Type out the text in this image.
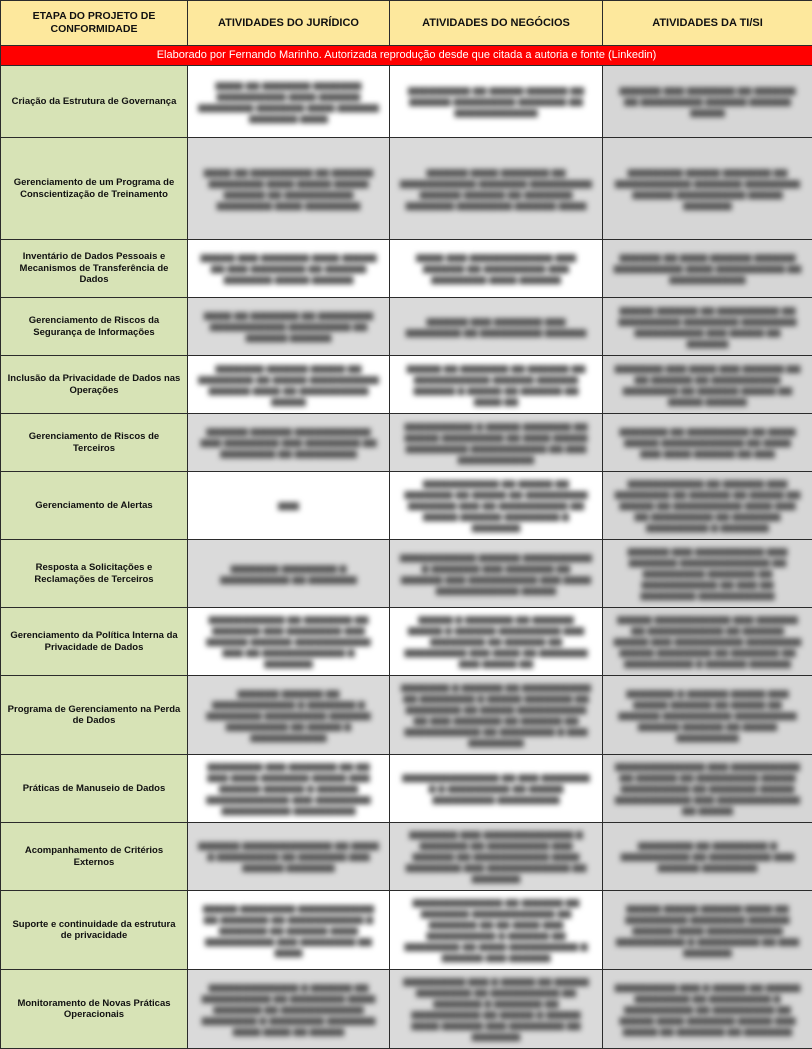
ETAPA DO PROJETO DE CONFORMIDADE	ATIVIDADES DO JURÍDICO	ATIVIDADES DO NEGÓCIOS	ATIVIDADES DA TI/SI
Elaborado por Fernando Marinho. Autorizada reprodução desde que citada a autoria e fonte (Linkedin)			
Criação da Estrutura de Governança	▆▆▆▆ ▆▆ ▆▆▆▆▆▆▆ ▆▆▆▆▆▆▆ ▆▆▆▆▆▆▆▆▆▆ ▆▆▆▆ ▆▆▆▆▆▆ ▆▆▆▆▆▆▆▆ ▆▆▆▆▆▆▆ ▆▆▆▆ ▆▆▆▆▆▆ ▆▆▆▆▆▆▆ ▆▆▆▆	▆▆▆▆▆▆▆▆▆ ▆▆ ▆▆▆▆▆ ▆▆▆▆▆▆ ▆▆ ▆▆▆▆▆▆ ▆▆▆▆▆▆▆▆▆ ▆▆▆▆▆▆▆ ▆▆ ▆▆▆▆▆▆▆▆▆▆▆▆	▆▆▆▆▆▆ ▆▆▆ ▆▆▆▆▆▆▆ ▆▆ ▆▆▆▆▆▆ ▆▆ ▆▆▆▆▆▆▆▆▆ ▆▆▆▆▆▆ ▆▆▆▆▆▆ ▆▆▆▆▆

Gerenciamento de um Programa de Conscientização de Treinamento	▆▆▆▆ ▆▆ ▆▆▆▆▆▆▆▆▆ ▆▆ ▆▆▆▆▆▆ ▆▆▆▆▆▆▆▆ ▆▆▆▆ ▆▆▆▆▆ ▆▆▆▆▆ ▆▆▆▆▆▆ ▆▆ ▆▆▆▆▆▆▆▆▆▆ ▆▆▆▆▆▆▆▆ ▆▆▆▆ ▆▆▆▆▆▆▆▆	▆▆▆▆▆▆ ▆▆▆▆ ▆▆▆▆▆▆▆ ▆▆ ▆▆▆▆▆▆▆▆▆▆▆ ▆▆▆▆▆▆▆ ▆▆▆▆▆▆▆▆▆ ▆▆▆▆▆▆ ▆▆▆▆▆▆ ▆▆ ▆▆▆▆▆▆▆ ▆▆▆▆▆▆▆ ▆▆▆▆▆▆▆▆ ▆▆▆▆▆▆ ▆▆▆▆	▆▆▆▆▆▆▆▆ ▆▆▆▆▆ ▆▆▆▆▆▆▆ ▆▆ ▆▆▆▆▆▆▆▆▆▆▆ ▆▆▆▆▆▆▆ ▆▆▆▆▆▆▆▆ ▆▆▆▆▆▆ ▆▆▆▆▆▆▆▆▆▆ ▆▆▆▆▆ ▆▆▆▆▆▆▆

Inventário de Dados Pessoais e Mecanismos de Transferência de Dados	▆▆▆▆▆ ▆▆▆ ▆▆▆▆▆▆▆ ▆▆▆▆ ▆▆▆▆▆ ▆▆ ▆▆▆ ▆▆▆▆▆▆▆▆ ▆▆ ▆▆▆▆▆▆ ▆▆▆▆▆▆▆ ▆▆▆▆▆ ▆▆▆▆▆▆	▆▆▆▆ ▆▆▆ ▆▆▆▆▆▆▆▆▆▆▆▆ ▆▆▆ ▆▆▆▆▆▆ ▆▆ ▆▆▆▆▆▆▆▆▆ ▆▆▆ ▆▆▆▆▆▆▆▆ ▆▆▆▆ ▆▆▆▆▆▆	▆▆▆▆▆▆ ▆▆ ▆▆▆▆ ▆▆▆▆▆▆ ▆▆▆▆▆▆ ▆▆▆▆▆▆▆▆▆▆ ▆▆▆▆ ▆▆▆▆▆▆▆▆▆▆ ▆▆ ▆▆▆▆▆▆▆▆▆▆▆

Gerenciamento de Riscos da Segurança de Informações	▆▆▆▆ ▆▆ ▆▆▆▆▆▆▆ ▆▆ ▆▆▆▆▆▆▆▆ ▆▆▆▆▆▆▆▆▆▆▆ ▆▆▆▆▆▆▆▆▆ ▆▆ ▆▆▆▆▆▆ ▆▆▆▆▆▆	▆▆▆▆▆▆ ▆▆▆ ▆▆▆▆▆▆▆ ▆▆▆ ▆▆▆▆▆▆▆▆ ▆▆ ▆▆▆▆▆▆▆▆▆ ▆▆▆▆▆▆	▆▆▆▆▆ ▆▆▆▆▆▆ ▆▆ ▆▆▆▆▆▆▆▆▆ ▆▆ ▆▆▆▆▆▆▆▆▆ ▆▆▆▆▆▆▆▆ ▆▆▆▆▆▆▆▆ ▆▆▆▆▆▆▆▆▆▆ ▆▆▆ ▆▆▆▆▆ ▆▆ ▆▆▆▆▆▆

Inclusão da Privacidade de Dados nas Operações	▆▆▆▆▆▆▆ ▆▆▆▆▆▆ ▆▆▆▆▆ ▆▆ ▆▆▆▆▆▆▆▆ ▆▆ ▆▆▆▆▆ ▆▆▆▆▆▆▆▆▆▆ ▆▆▆▆▆▆ ▆▆▆▆ ▆▆ ▆▆▆▆▆▆▆▆▆▆ ▆▆▆▆▆	▆▆▆▆▆ ▆▆ ▆▆▆▆▆▆▆ ▆▆ ▆▆▆▆▆▆ ▆▆ ▆▆▆▆▆▆▆▆▆▆▆ ▆▆▆▆▆▆ ▆▆▆▆▆▆ ▆▆▆▆▆▆ ▆ ▆▆▆▆▆ ▆▆ ▆▆▆▆▆▆ ▆▆ ▆▆▆▆ ▆▆	▆▆▆▆▆▆▆ ▆▆▆ ▆▆▆▆ ▆▆▆ ▆▆▆▆▆▆ ▆▆ ▆▆ ▆▆▆▆▆▆ ▆▆ ▆▆▆▆▆▆▆▆▆▆ ▆▆▆▆▆▆▆▆ ▆▆ ▆▆▆▆▆▆ ▆▆▆▆▆ ▆▆ ▆▆▆▆▆ ▆▆▆▆▆▆

Gerenciamento de Riscos de Terceiros	▆▆▆▆▆▆ ▆▆▆▆▆▆ ▆▆▆▆▆▆▆▆▆▆▆ ▆▆▆ ▆▆▆▆▆▆▆▆ ▆▆▆ ▆▆▆▆▆▆▆▆ ▆▆ ▆▆▆▆▆▆▆▆ ▆▆ ▆▆▆▆▆▆▆▆▆	▆▆▆▆▆▆▆▆▆▆ ▆ ▆▆▆▆▆ ▆▆▆▆▆▆▆ ▆▆ ▆▆▆▆▆ ▆▆▆▆▆▆▆▆▆ ▆▆ ▆▆▆▆ ▆▆▆▆▆ ▆▆▆▆▆▆▆▆▆ ▆▆▆▆▆▆▆▆▆▆▆ ▆▆ ▆▆▆ ▆▆▆▆▆▆▆▆▆▆▆	▆▆▆▆▆▆▆ ▆▆ ▆▆▆▆▆▆▆▆▆ ▆▆ ▆▆▆▆ ▆▆▆▆▆ ▆▆▆▆▆▆▆▆▆▆▆▆ ▆▆ ▆▆▆▆ ▆▆▆ ▆▆▆▆ ▆▆▆▆▆▆ ▆▆ ▆▆▆

Gerenciamento de Alertas	▆▆▆	▆▆▆▆▆▆▆▆▆▆▆ ▆▆ ▆▆▆▆▆ ▆▆ ▆▆▆▆▆▆▆ ▆▆ ▆▆▆▆▆ ▆▆ ▆▆▆▆▆▆▆▆▆ ▆▆▆▆▆▆▆ ▆▆▆ ▆▆ ▆▆▆▆▆▆▆▆▆▆ ▆▆ ▆▆▆▆▆ ▆▆▆▆▆▆ ▆▆▆▆▆▆▆▆ ▆ ▆▆▆▆▆▆▆	▆▆▆▆▆▆▆▆▆▆▆ ▆▆ ▆▆▆▆▆▆ ▆▆▆ ▆▆▆▆▆▆▆▆ ▆▆ ▆▆▆▆▆▆ ▆▆ ▆▆▆▆▆ ▆▆ ▆▆▆▆▆ ▆▆ ▆▆▆▆▆▆▆▆▆▆ ▆▆▆▆ ▆▆▆ ▆▆ ▆▆▆▆▆▆▆▆▆ ▆▆ ▆▆▆▆▆▆▆ ▆▆▆▆▆▆▆▆▆ ▆ ▆▆▆▆▆▆▆

Resposta a Solicitações e Reclamações de Terceiros	▆▆▆▆▆▆▆ ▆▆▆▆▆▆▆▆ ▆ ▆▆▆▆▆▆▆▆▆▆ ▆▆ ▆▆▆▆▆▆▆	▆▆▆▆▆▆▆▆▆▆▆ ▆▆▆▆▆▆ ▆▆▆▆▆▆▆▆▆▆ ▆ ▆▆▆▆▆▆▆ ▆▆▆ ▆▆▆▆▆▆▆ ▆▆ ▆▆▆▆▆▆ ▆▆▆ ▆▆▆▆▆▆▆▆▆▆ ▆▆▆ ▆▆▆▆ ▆▆▆▆▆▆▆▆▆▆▆▆ ▆▆▆▆▆	▆▆▆▆▆▆ ▆▆▆ ▆▆▆▆▆▆▆▆▆▆ ▆▆▆ ▆▆▆▆▆▆▆ ▆▆▆▆▆▆▆▆▆▆▆▆▆ ▆▆ ▆▆▆▆▆▆▆▆▆ ▆▆▆▆▆▆▆ ▆▆ ▆▆▆▆▆▆▆▆▆▆▆ ▆▆ ▆▆▆ ▆▆ ▆▆▆▆▆▆▆▆ ▆▆▆▆▆▆▆▆▆▆▆

Gerenciamento da Política Interna da Privacidade de Dados	▆▆▆▆▆▆▆▆▆▆▆ ▆▆ ▆▆▆▆▆▆▆ ▆▆ ▆▆▆▆▆▆▆ ▆▆▆ ▆▆▆▆▆▆▆▆ ▆▆▆ ▆▆▆▆▆▆ ▆▆▆▆▆▆ ▆▆▆▆▆▆▆▆▆▆▆ ▆▆▆ ▆▆ ▆▆▆▆▆▆▆▆▆▆▆▆ ▆ ▆▆▆▆▆▆▆	▆▆▆▆▆ ▆ ▆▆▆▆▆▆▆ ▆▆ ▆▆▆▆▆▆ ▆▆▆▆▆ ▆ ▆▆▆▆▆▆ ▆▆▆▆▆▆▆▆▆ ▆▆▆ ▆▆▆▆▆▆▆▆ ▆▆ ▆▆▆▆▆▆ ▆▆ ▆▆▆▆▆▆▆▆▆ ▆▆▆ ▆▆▆▆ ▆▆ ▆▆▆▆▆▆▆ ▆▆▆ ▆▆▆▆▆ ▆▆	▆▆▆▆▆ ▆▆▆▆▆▆▆▆▆▆▆ ▆▆▆ ▆▆▆▆▆▆ ▆▆ ▆▆▆▆▆▆▆▆▆▆▆ ▆▆ ▆▆▆▆▆▆ ▆▆▆▆▆ ▆▆▆ ▆▆▆▆▆▆▆▆▆▆ ▆▆▆▆▆▆▆▆ ▆▆▆▆▆ ▆▆▆▆▆▆▆▆ ▆▆ ▆▆▆▆▆▆▆ ▆▆ ▆▆▆▆▆▆▆▆▆▆ ▆ ▆▆▆▆▆▆ ▆▆▆▆▆▆

Programa de Gerenciamento na Perda de Dados	▆▆▆▆▆▆ ▆▆▆▆▆▆ ▆▆ ▆▆▆▆▆▆▆▆▆▆▆▆ ▆ ▆▆▆▆▆▆▆ ▆ ▆▆▆▆▆▆▆▆ ▆▆▆▆▆▆▆▆▆ ▆▆▆▆▆▆ ▆▆▆▆▆▆▆▆▆ ▆▆ ▆▆▆▆▆ ▆ ▆▆▆▆▆▆▆▆▆▆▆	▆▆▆▆▆▆▆ ▆ ▆▆▆▆▆▆ ▆▆ ▆▆▆▆▆▆▆▆▆▆ ▆▆ ▆▆▆▆▆▆▆▆ ▆ ▆▆▆▆▆ ▆▆▆▆▆▆▆ ▆▆ ▆▆▆▆▆▆▆▆ ▆▆ ▆▆▆▆▆ ▆▆▆▆▆▆▆▆▆▆ ▆▆ ▆▆▆ ▆▆▆▆▆▆▆ ▆▆ ▆▆▆▆▆▆ ▆▆ ▆▆▆▆▆▆▆▆▆▆▆ ▆▆ ▆▆▆▆▆▆▆▆ ▆ ▆▆▆ ▆▆▆▆▆▆▆▆	▆▆▆▆▆▆▆ ▆ ▆▆▆▆▆▆ ▆▆▆▆▆ ▆▆▆ ▆▆▆▆▆ ▆▆▆▆▆▆ ▆▆ ▆▆▆▆▆ ▆▆ ▆▆▆▆▆▆ ▆▆▆▆▆▆▆▆▆▆ ▆▆▆▆▆▆▆▆▆ ▆▆▆▆▆▆ ▆▆▆▆▆▆ ▆▆ ▆▆▆▆▆ ▆▆▆▆▆▆▆▆▆

Práticas de Manuseio de Dados	▆▆▆▆▆▆▆▆ ▆▆▆ ▆▆▆▆▆▆▆ ▆▆ ▆▆ ▆▆▆ ▆▆▆▆ ▆▆▆▆▆▆▆ ▆▆▆▆▆ ▆▆▆ ▆▆▆▆▆▆ ▆▆▆▆▆▆ ▆ ▆▆▆▆▆▆ ▆▆▆▆▆▆▆▆▆▆▆▆ ▆▆▆ ▆▆▆▆▆▆▆▆ ▆▆▆▆▆▆▆▆▆▆ ▆▆▆▆▆▆▆▆▆	▆▆▆▆▆▆▆▆▆▆▆▆▆▆ ▆▆ ▆▆▆ ▆▆▆▆▆▆▆ ▆ ▆ ▆▆▆▆▆▆▆▆▆ ▆▆ ▆▆▆▆▆ ▆▆▆▆▆▆▆▆▆ ▆▆▆▆▆▆▆▆▆	▆▆▆▆▆▆▆▆▆▆▆▆▆ ▆▆▆ ▆▆▆▆▆▆▆▆▆▆ ▆▆ ▆▆▆▆▆▆ ▆▆ ▆▆▆▆▆▆▆▆▆ ▆▆▆▆▆ ▆▆▆▆▆▆▆▆▆▆ ▆▆ ▆▆▆▆▆▆▆ ▆▆▆▆▆ ▆▆▆▆▆▆▆▆▆▆▆ ▆▆▆ ▆▆▆▆▆▆▆▆▆▆▆▆ ▆▆ ▆▆▆▆▆

Acompanhamento de Critérios Externos	▆▆▆▆▆▆ ▆▆▆▆▆▆▆▆▆▆▆▆▆ ▆▆ ▆▆▆▆ ▆ ▆▆▆▆▆▆▆▆▆ ▆▆ ▆▆▆▆▆▆▆ ▆▆▆ ▆▆▆▆▆▆ ▆▆▆▆▆▆▆	▆▆▆▆▆▆▆ ▆▆▆ ▆▆▆▆▆▆▆▆▆▆▆▆▆ ▆ ▆▆▆▆▆▆▆ ▆▆ ▆▆▆▆▆▆▆▆▆ ▆▆▆ ▆▆▆▆▆▆ ▆▆ ▆▆▆▆▆▆▆▆▆▆▆ ▆▆▆▆ ▆▆▆▆▆▆▆▆ ▆▆▆ ▆▆▆▆▆▆▆▆▆▆▆▆ ▆▆ ▆▆▆▆▆▆▆	▆▆▆▆▆▆▆▆ ▆▆ ▆▆▆▆▆▆▆▆ ▆ ▆▆▆▆▆▆▆▆▆▆ ▆▆ ▆▆▆▆▆▆▆▆▆ ▆▆▆ ▆▆▆▆▆▆ ▆▆▆▆▆▆▆▆

Suporte e continuidade da estrutura de privacidade	▆▆▆▆▆ ▆▆▆▆▆▆▆▆ ▆▆▆▆▆▆▆▆▆▆▆ ▆▆ ▆▆▆▆▆▆▆ ▆▆ ▆▆▆▆▆▆▆▆▆▆▆ ▆ ▆▆▆▆▆▆▆ ▆▆ ▆▆▆▆▆▆ ▆▆▆▆ ▆▆▆▆▆▆▆▆▆▆ ▆▆▆ ▆▆▆▆▆▆▆▆ ▆▆ ▆▆▆▆	▆▆▆▆▆▆▆▆▆▆▆▆▆ ▆▆ ▆▆▆▆▆▆ ▆▆ ▆▆▆▆▆▆▆ ▆▆▆▆▆▆▆▆▆▆▆▆ ▆▆ ▆▆▆▆▆▆▆ ▆▆ ▆▆ ▆▆▆▆ ▆▆▆ ▆▆▆▆▆▆▆▆▆▆ ▆ ▆▆▆▆▆▆ ▆▆ ▆▆▆▆▆▆▆▆ ▆▆ ▆▆▆▆ ▆▆▆▆▆▆▆▆▆▆ ▆ ▆▆▆▆▆▆ ▆▆▆ ▆▆▆▆▆▆	▆▆▆▆▆ ▆▆▆▆▆ ▆▆▆▆▆▆ ▆▆▆▆ ▆▆ ▆▆▆▆▆▆▆▆▆ ▆▆▆▆▆▆▆▆ ▆▆▆▆▆▆ ▆▆▆▆▆▆ ▆▆▆▆ ▆▆▆▆▆▆▆▆▆▆▆ ▆▆▆▆▆▆▆▆▆▆ ▆ ▆▆▆▆▆▆▆▆▆ ▆▆ ▆▆▆ ▆▆▆▆▆▆▆

Monitoramento de Novas Práticas Operacionais	▆▆▆▆▆▆▆▆▆▆▆▆▆ ▆ ▆▆▆▆▆▆ ▆▆ ▆▆▆▆▆▆▆▆▆▆ ▆▆ ▆▆▆▆▆▆▆▆ ▆▆▆▆ ▆▆▆▆▆▆▆ ▆▆ ▆▆▆▆▆▆▆▆▆▆▆▆ ▆▆▆▆▆▆▆▆ ▆ ▆▆▆▆▆▆▆▆ ▆▆▆▆▆▆▆ ▆▆▆▆ ▆▆▆▆ ▆▆ ▆▆▆▆▆	▆▆▆▆▆▆▆▆▆ ▆▆▆ ▆ ▆▆▆▆▆ ▆▆ ▆▆▆▆▆ ▆▆▆▆▆▆▆▆ ▆▆ ▆▆▆▆▆▆▆▆▆▆ ▆▆ ▆▆▆▆▆▆▆ ▆ ▆▆▆▆▆▆▆ ▆▆ ▆▆▆▆▆▆▆▆▆▆ ▆▆ ▆▆▆▆▆ ▆ ▆▆▆▆▆ ▆▆▆▆ ▆▆▆▆▆▆ ▆▆▆ ▆▆▆▆▆▆▆▆ ▆▆ ▆▆▆▆▆▆▆	▆▆▆▆▆▆▆▆▆ ▆▆▆ ▆ ▆▆▆▆▆ ▆▆ ▆▆▆▆▆ ▆▆▆▆▆▆▆▆ ▆▆ ▆▆▆▆▆▆▆▆▆ ▆ ▆▆▆▆▆▆▆▆▆▆ ▆▆ ▆▆▆▆▆▆▆▆▆ ▆▆ ▆▆▆▆▆ ▆▆▆▆ ▆▆▆▆▆▆▆ ▆▆▆▆▆ ▆▆▆ ▆▆▆▆▆ ▆▆ ▆▆▆▆▆▆▆ ▆▆ ▆▆▆▆▆▆▆
